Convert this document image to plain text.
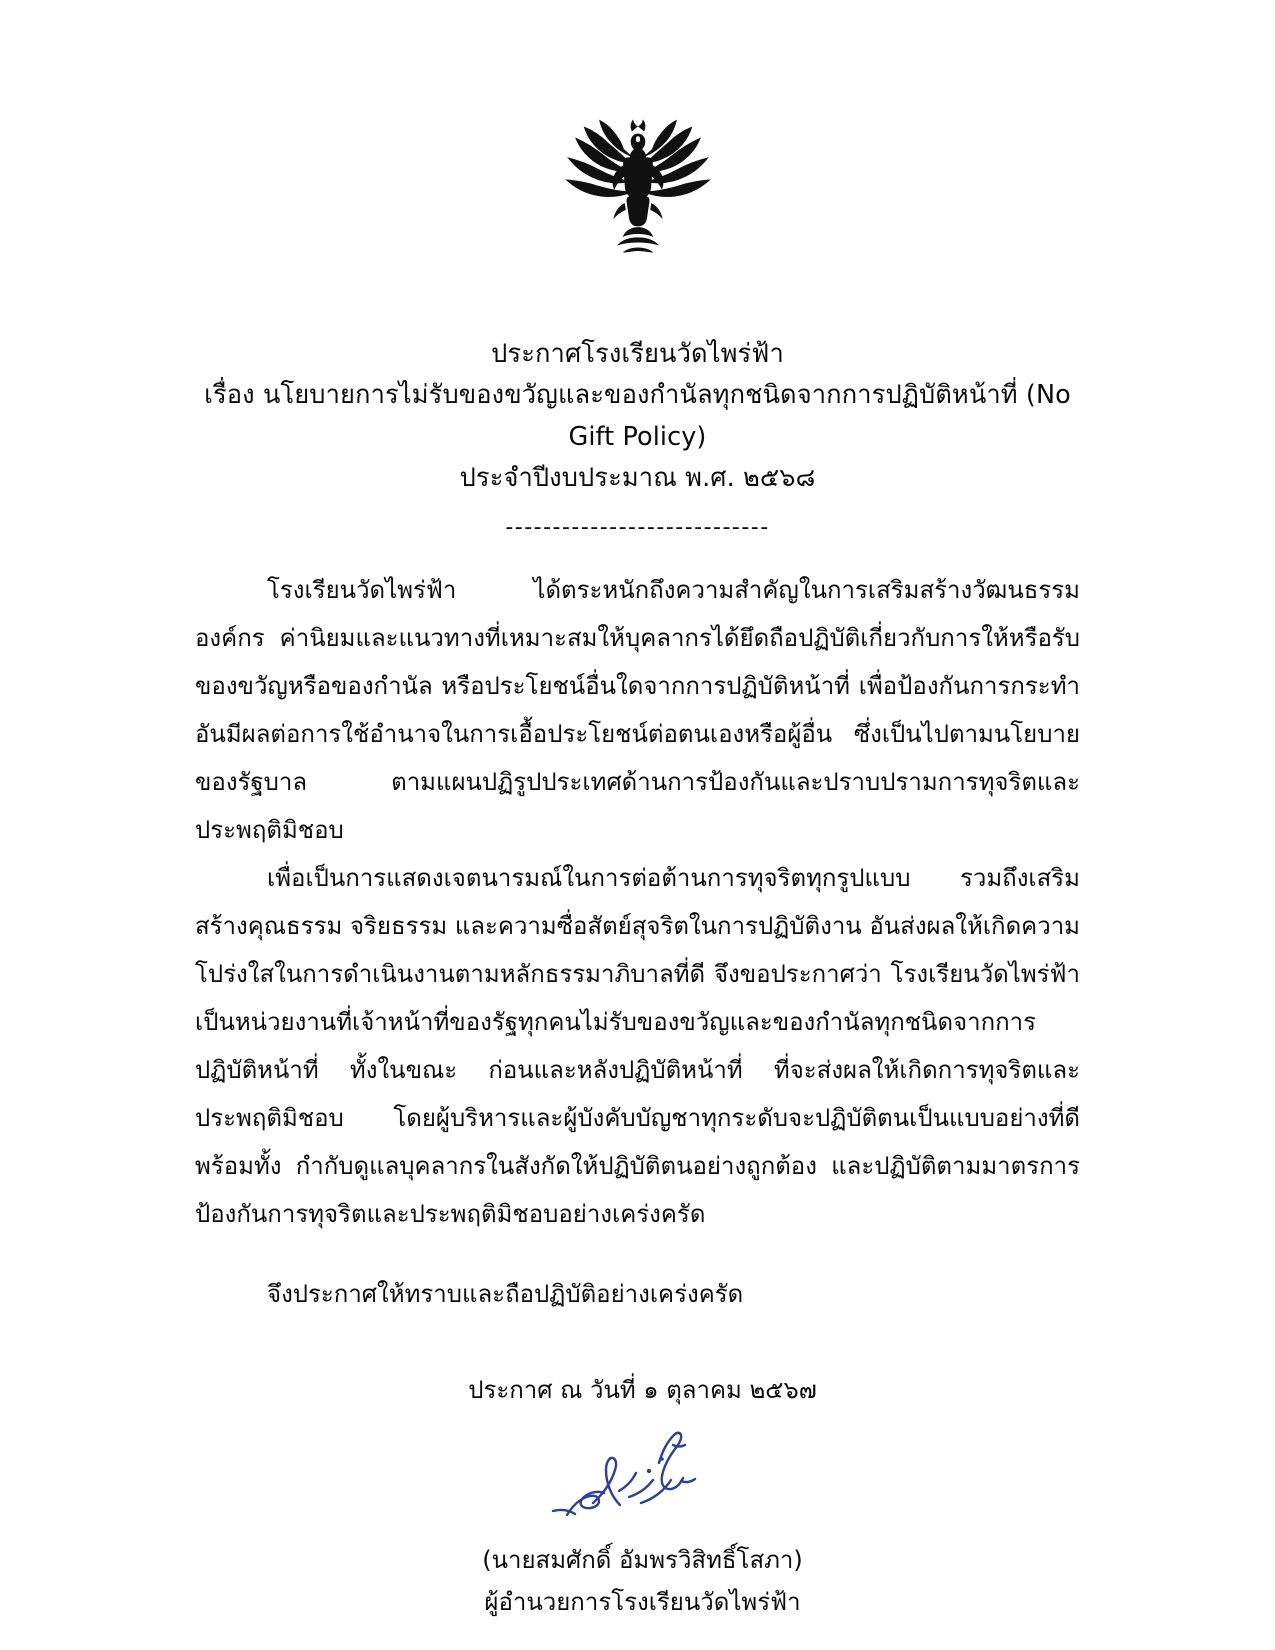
ประกาศโรงเรียนวัดไพร่ฟ้า
เรื่อง นโยบายการไม่รับของขวัญและของกำนัลทุกชนิดจากการปฏิบัติหน้าที่ (No Gift Policy)
ประจำปีงบประมาณ พ.ศ. ๒๕๖๘
----------------------------

โรงเรียนวัดไพร่ฟ้า ได้ตระหนักถึงความสำคัญในการเสริมสร้างวัฒนธรรมองค์กร ค่านิยมและแนวทางที่เหมาะสมให้บุคลากรได้ยึดถือปฏิบัติเกี่ยวกับการให้หรือรับของขวัญหรือของกำนัล หรือประโยชน์อื่นใดจากการปฏิบัติหน้าที่ เพื่อป้องกันการกระทำอันมีผลต่อการใช้อำนาจในการเอื้อประโยชน์ต่อตนเองหรือผู้อื่น ซึ่งเป็นไปตามนโยบายของรัฐบาล ตามแผนปฏิรูปประเทศด้านการป้องกันและปราบปรามการทุจริตและประพฤติมิชอบ

เพื่อเป็นการแสดงเจตนารมณ์ในการต่อต้านการทุจริตทุกรูปแบบ รวมถึงเสริมสร้างคุณธรรม จริยธรรม และความซื่อสัตย์สุจริตในการปฏิบัติงาน อันส่งผลให้เกิดความโปร่งใสในการดำเนินงานตามหลักธรรมาภิบาลที่ดี จึงขอประกาศว่า โรงเรียนวัดไพร่ฟ้า เป็นหน่วยงานที่เจ้าหน้าที่ของรัฐทุกคนไม่รับของขวัญและของกำนัลทุกชนิดจากการปฏิบัติหน้าที่ ทั้งในขณะ ก่อนและหลังปฏิบัติหน้าที่ ที่จะส่งผลให้เกิดการทุจริตและประพฤติมิชอบ โดยผู้บริหารและผู้บังคับบัญชาทุกระดับจะปฏิบัติตนเป็นแบบอย่างที่ดี พร้อมทั้ง กำกับดูแลบุคลากรในสังกัดให้ปฏิบัติตนอย่างถูกต้อง และปฏิบัติตามมาตรการป้องกันการทุจริตและประพฤติมิชอบอย่างเคร่งครัด

จึงประกาศให้ทราบและถือปฏิบัติอย่างเคร่งครัด
ประกาศ ณ วันที่ ๑ ตุลาคม ๒๕๖๗
(นายสมศักดิ์ อัมพรวิสิทธิ์โสภา)
ผู้อำนวยการโรงเรียนวัดไพร่ฟ้า
